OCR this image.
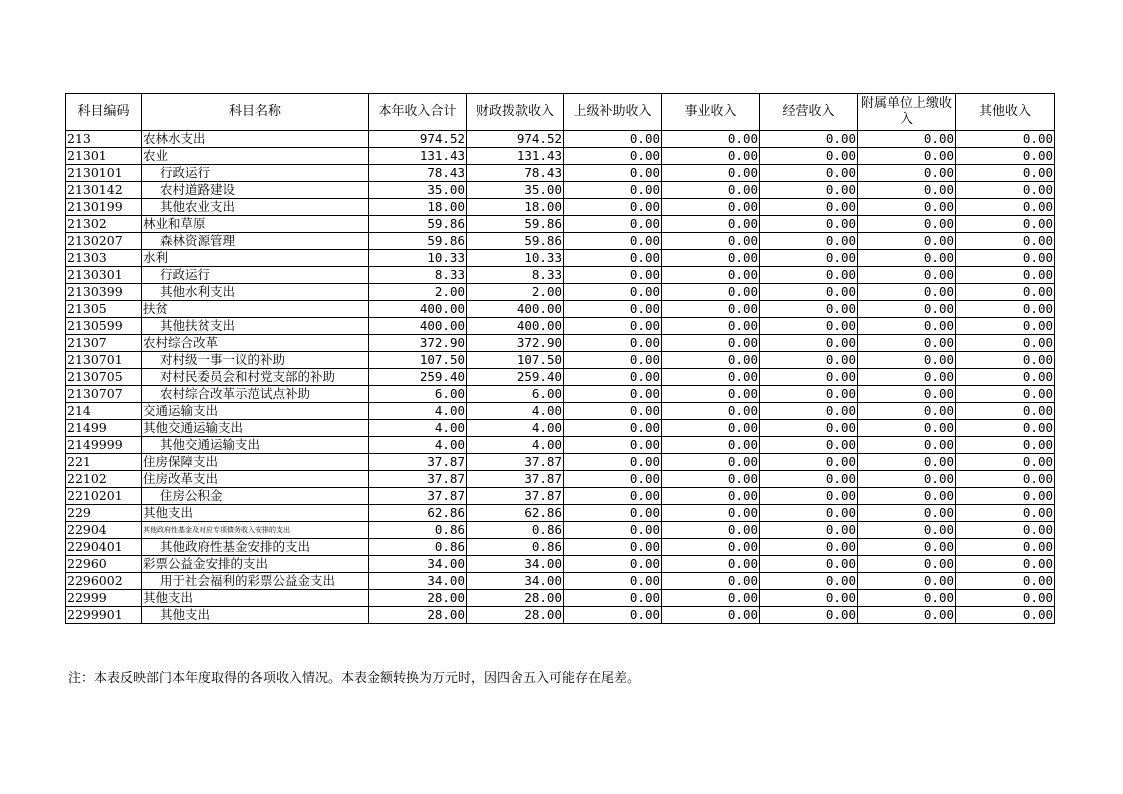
科目编码	科目名称	本年收入合计	财政拨款收入	上级补助收入	事业收入	经营收入	附属单位上缴收入	其他收入
213	农林水支出	974.52	974.52	0.00	0.00	0.00	0.00	0.00
21301	农业	131.43	131.43	0.00	0.00	0.00	0.00	0.00
2130101	行政运行	78.43	78.43	0.00	0.00	0.00	0.00	0.00
2130142	农村道路建设	35.00	35.00	0.00	0.00	0.00	0.00	0.00
2130199	其他农业支出	18.00	18.00	0.00	0.00	0.00	0.00	0.00
21302	林业和草原	59.86	59.86	0.00	0.00	0.00	0.00	0.00
2130207	森林资源管理	59.86	59.86	0.00	0.00	0.00	0.00	0.00
21303	水利	10.33	10.33	0.00	0.00	0.00	0.00	0.00
2130301	行政运行	8.33	8.33	0.00	0.00	0.00	0.00	0.00
2130399	其他水利支出	2.00	2.00	0.00	0.00	0.00	0.00	0.00
21305	扶贫	400.00	400.00	0.00	0.00	0.00	0.00	0.00
2130599	其他扶贫支出	400.00	400.00	0.00	0.00	0.00	0.00	0.00
21307	农村综合改革	372.90	372.90	0.00	0.00	0.00	0.00	0.00
2130701	对村级一事一议的补助	107.50	107.50	0.00	0.00	0.00	0.00	0.00
2130705	对村民委员会和村党支部的补助	259.40	259.40	0.00	0.00	0.00	0.00	0.00
2130707	农村综合改革示范试点补助	6.00	6.00	0.00	0.00	0.00	0.00	0.00
214	交通运输支出	4.00	4.00	0.00	0.00	0.00	0.00	0.00
21499	其他交通运输支出	4.00	4.00	0.00	0.00	0.00	0.00	0.00
2149999	其他交通运输支出	4.00	4.00	0.00	0.00	0.00	0.00	0.00
221	住房保障支出	37.87	37.87	0.00	0.00	0.00	0.00	0.00
22102	住房改革支出	37.87	37.87	0.00	0.00	0.00	0.00	0.00
2210201	住房公积金	37.87	37.87	0.00	0.00	0.00	0.00	0.00
229	其他支出	62.86	62.86	0.00	0.00	0.00	0.00	0.00
22904	其他政府性基金及对应专项债务收入安排的支出	0.86	0.86	0.00	0.00	0.00	0.00	0.00
2290401	其他政府性基金安排的支出	0.86	0.86	0.00	0.00	0.00	0.00	0.00
22960	彩票公益金安排的支出	34.00	34.00	0.00	0.00	0.00	0.00	0.00
2296002	用于社会福利的彩票公益金支出	34.00	34.00	0.00	0.00	0.00	0.00	0.00
22999	其他支出	28.00	28.00	0.00	0.00	0.00	0.00	0.00
2299901	其他支出	28.00	28.00	0.00	0.00	0.00	0.00	0.00
注：本表反映部门本年度取得的各项收入情况。本表金额转换为万元时，因四舍五入可能存在尾差。
